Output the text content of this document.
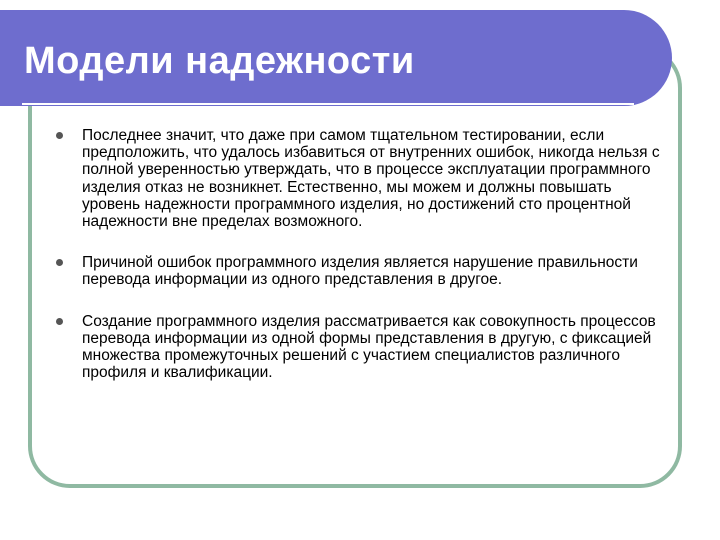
Модели надежности
Последнее значит, что даже при самом тщательном тестировании, если предположить, что удалось избавиться от внутренних ошибок, никогда нельзя с полной уверенностью утверждать, что в процессе эксплуатации программного изделия отказ не возникнет. Естественно, мы можем и должны повышать уровень надежности программного изделия, но достижений сто процентной надежности вне пределах возможного.
Причиной ошибок программного изделия является нарушение правильности перевода информации из одного представления в другое.
Создание программного изделия рассматривается как совокупность процессов перевода информации из одной формы представления в другую, с фиксацией множества промежуточных решений с участием специалистов различного профиля и квалификации.
